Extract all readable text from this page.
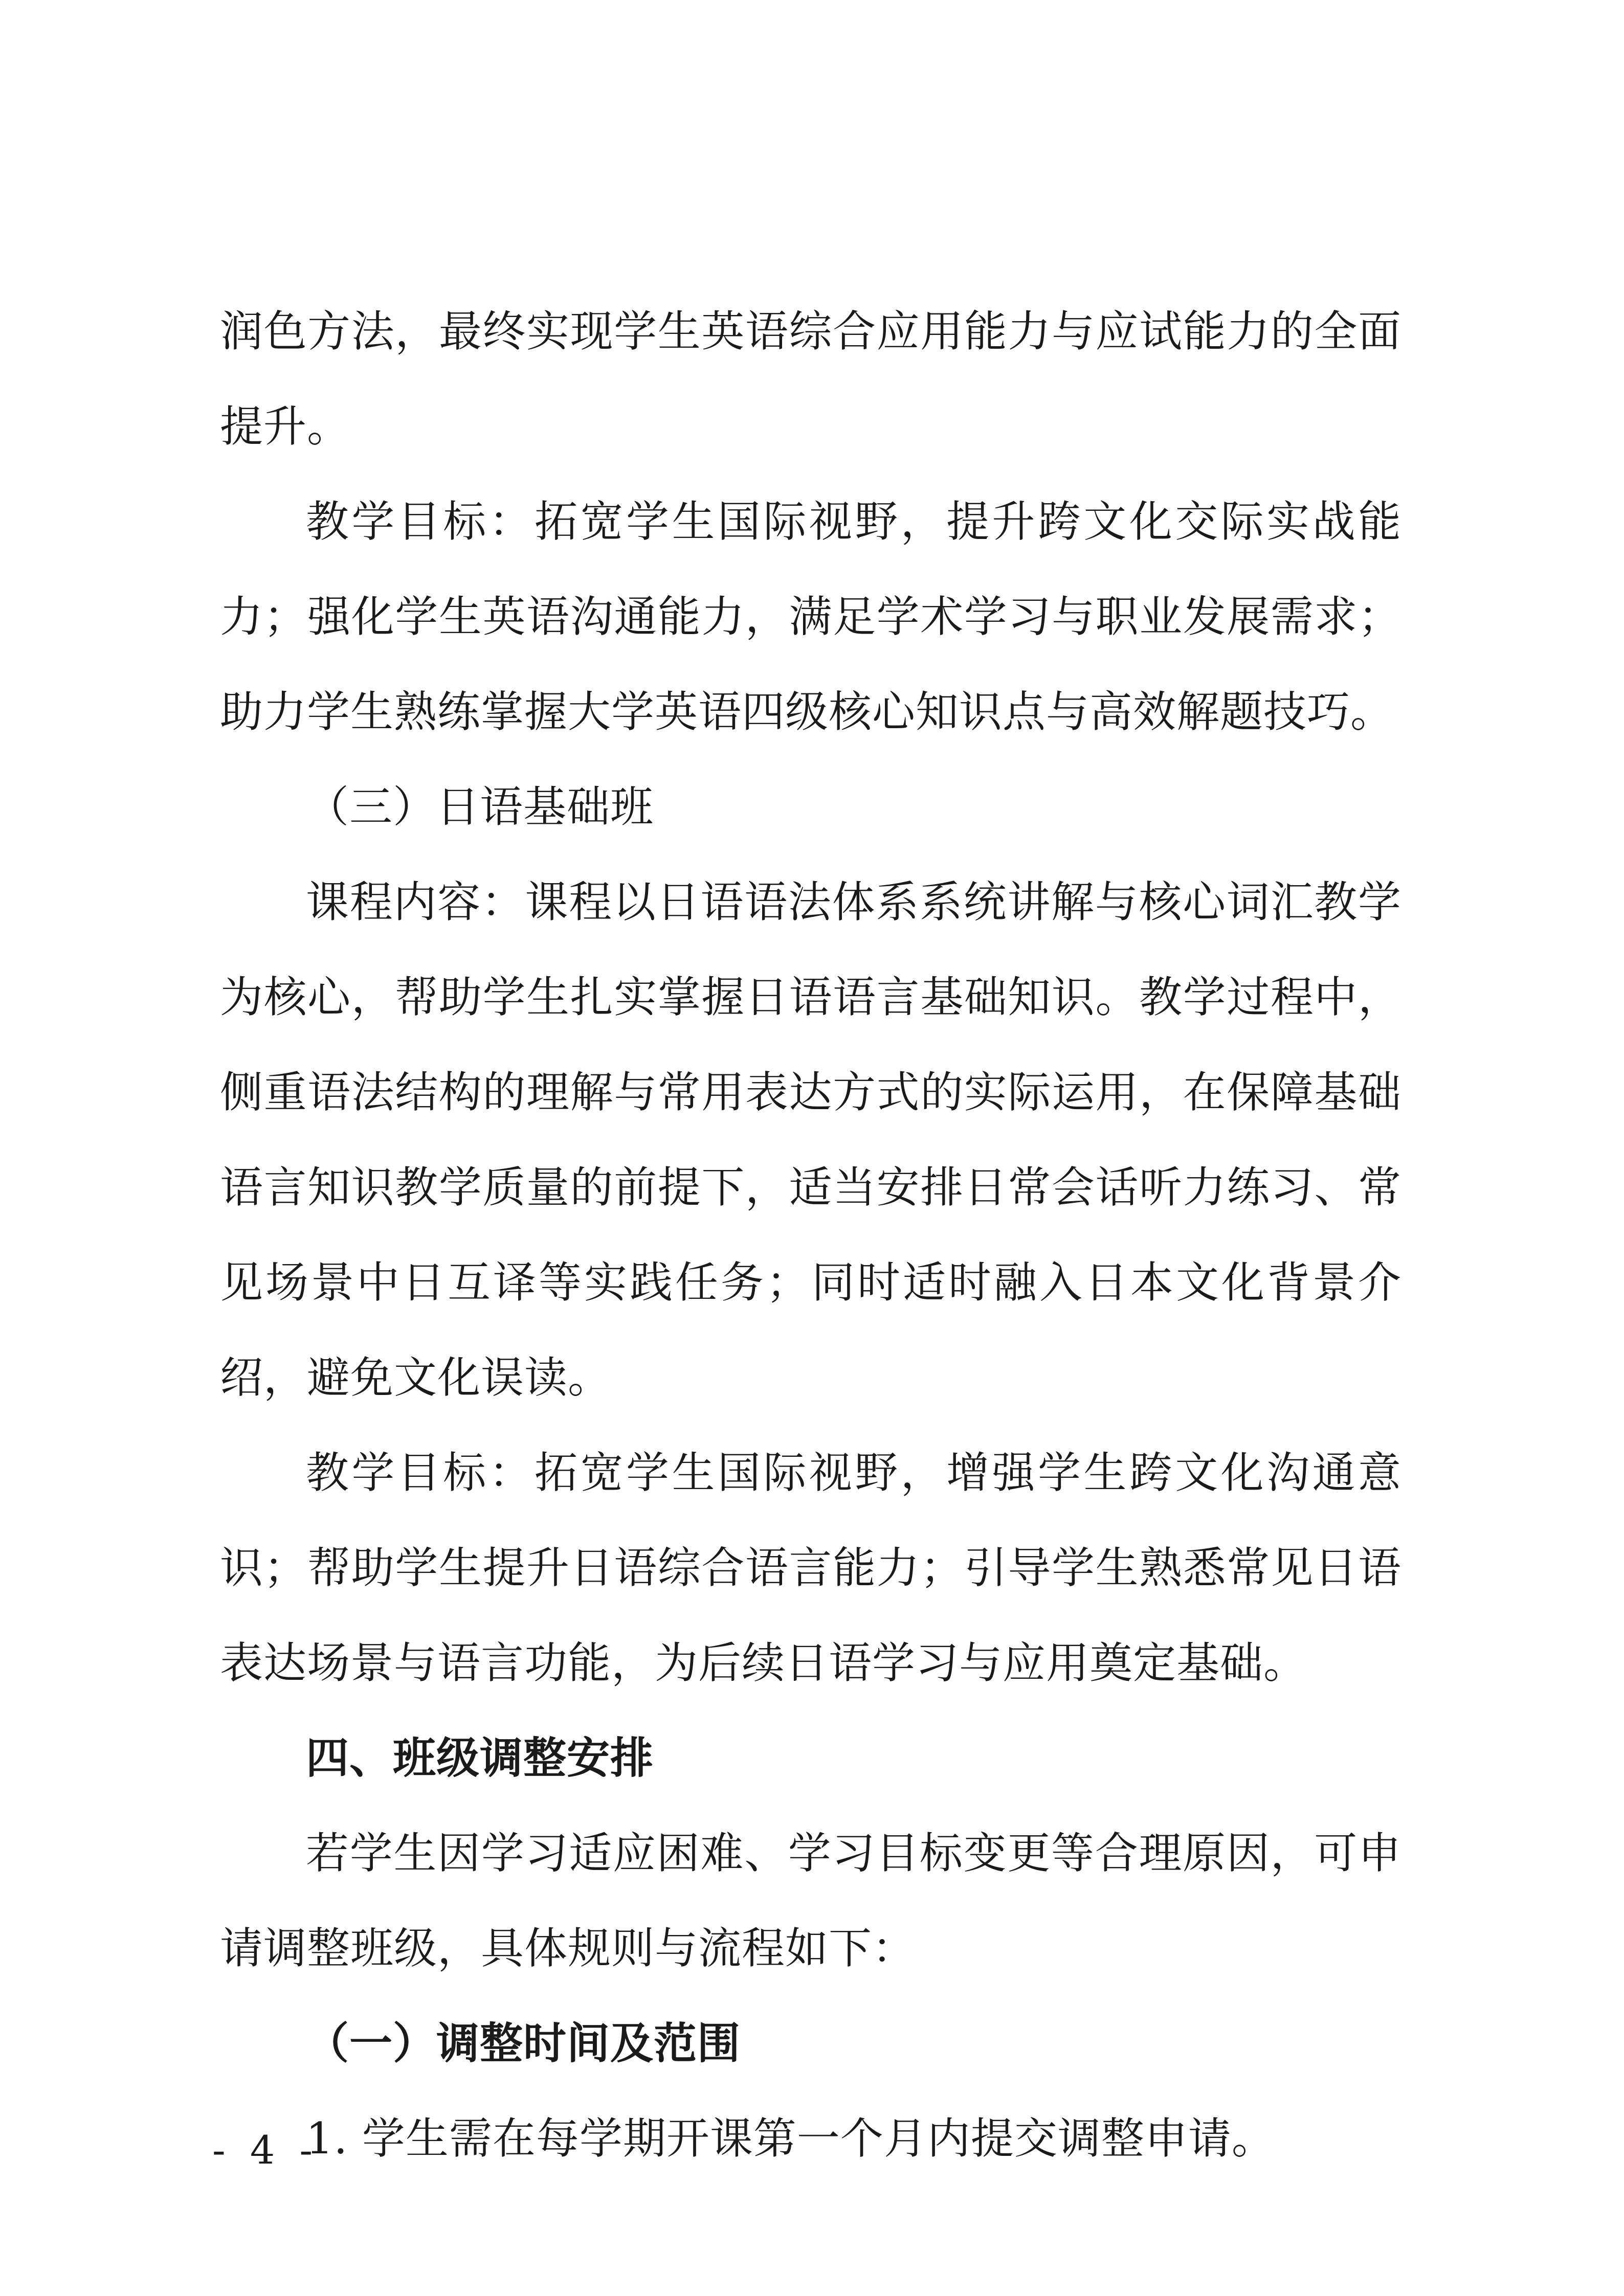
润色方法，最终实现学生英语综合应用能力与应试能力的全面提升。

教学目标：拓宽学生国际视野，提升跨文化交际实战能力；强化学生英语沟通能力，满足学术学习与职业发展需求；助力学生熟练掌握大学英语四级核心知识点与高效解题技巧。

（三）日语基础班

课程内容：课程以日语语法体系系统讲解与核心词汇教学为核心，帮助学生扎实掌握日语语言基础知识。教学过程中，侧重语法结构的理解与常用表达方式的实际运用，在保障基础语言知识教学质量的前提下，适当安排日常会话听力练习、常见场景中日互译等实践任务；同时适时融入日本文化背景介绍，避免文化误读。

教学目标：拓宽学生国际视野，增强学生跨文化沟通意识；帮助学生提升日语综合语言能力；引导学生熟悉常见日语表达场景与语言功能，为后续日语学习与应用奠定基础。

四、班级调整安排

若学生因学习适应困难、学习目标变更等合理原因，可申请调整班级，具体规则与流程如下：

（一）调整时间及范围

1. 学生需在每学期开课第一个月内提交调整申请。

- 4 -
